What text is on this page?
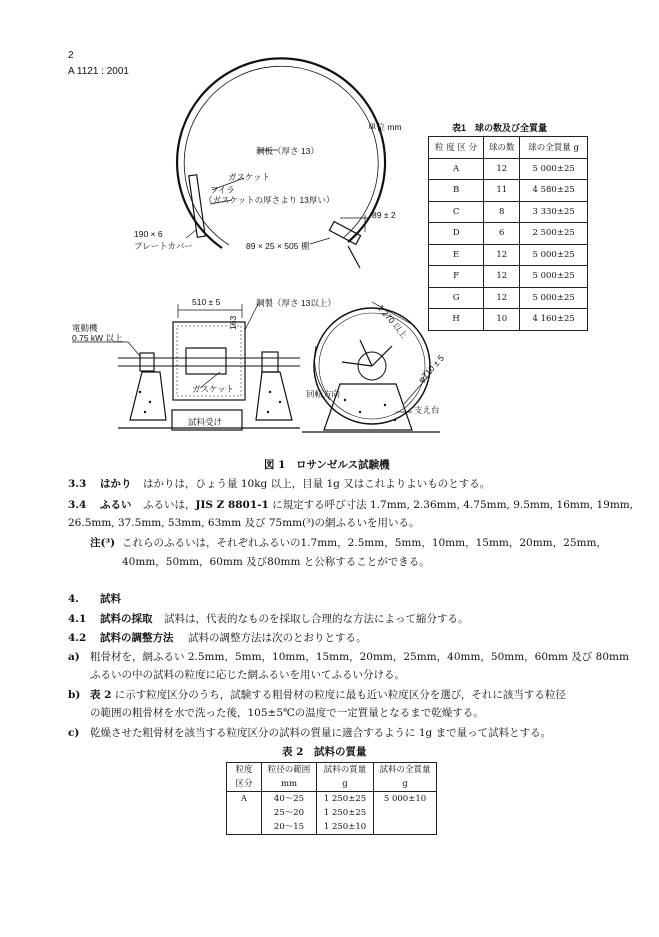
2
A 1121 : 2001
単位 mm
鋼板（厚さ 13）
ガスケット
フイラ
（ガスケットの厚さより 13厚い）
89 ± 2
190 × 6
プレートカバー	89 × 25 × 505 棚
510 ± 5	鋼製（厚さ 13以上）
電動機
0.75 kW 以上
163
ガスケット
1 270 以上
回転方向
φ710 ± 5
支え台
試料受け
表1　球の数及び全質量
粒 度 区 分	球の数	球の全質量 g
A	12	5 000±25
B	11	4 580±25
C	8	3 330±25
D	6	2 500±25
E	12	5 000±25
F	12	5 000±25
G	12	5 000±25
H	10	4 160±25
図 1　ロサンゼルス試験機
3.3 はかり はかりは，ひょう量 10kg 以上，目量 1g 又はこれよりよいものとする。
3.4 ふるい ふるいは，JIS Z 8801-1 に規定する呼び寸法 1.7mm, 2.36mm, 4.75mm, 9.5mm, 16mm, 19mm,
26.5mm, 37.5mm, 53mm, 63mm 及び 75mm(³)の網ふるいを用いる。
注(³) これらのふるいは，それぞれふるいの1.7mm，2.5mm，5mm，10mm，15mm，20mm，25mm，
40mm，50mm，60mm 及び80mm と公称することができる。
4. 試料
4.1 試料の採取 試料は，代表的なものを採取し合理的な方法によって縮分する。
4.2 試料の調整方法 試料の調整方法は次のとおりとする。
a) 粗骨材を，網ふるい 2.5mm，5mm，10mm，15mm，20mm，25mm，40mm，50mm，60mm 及び 80mm
ふるいの中の試料の粒度に応じた網ふるいを用いてふるい分ける。
b) 表 2 に示す粒度区分のうち，試験する粗骨材の粒度に最も近い粒度区分を選び，それに該当する粒径
の範囲の粗骨材を水で洗った後，105±5℃の温度で一定質量となるまで乾燥する。
c) 乾燥させた粗骨材を該当する粒度区分の試料の質量に適合するように 1g まで量って試料とする。
表 2　試料の質量
粒度	粒径の範囲	試料の質量	試料の全質量
区分	mm	g	g
A	40〜25	1 250±25	5 000±10
	25〜20	1 250±25	
	20〜15	1 250±10	
